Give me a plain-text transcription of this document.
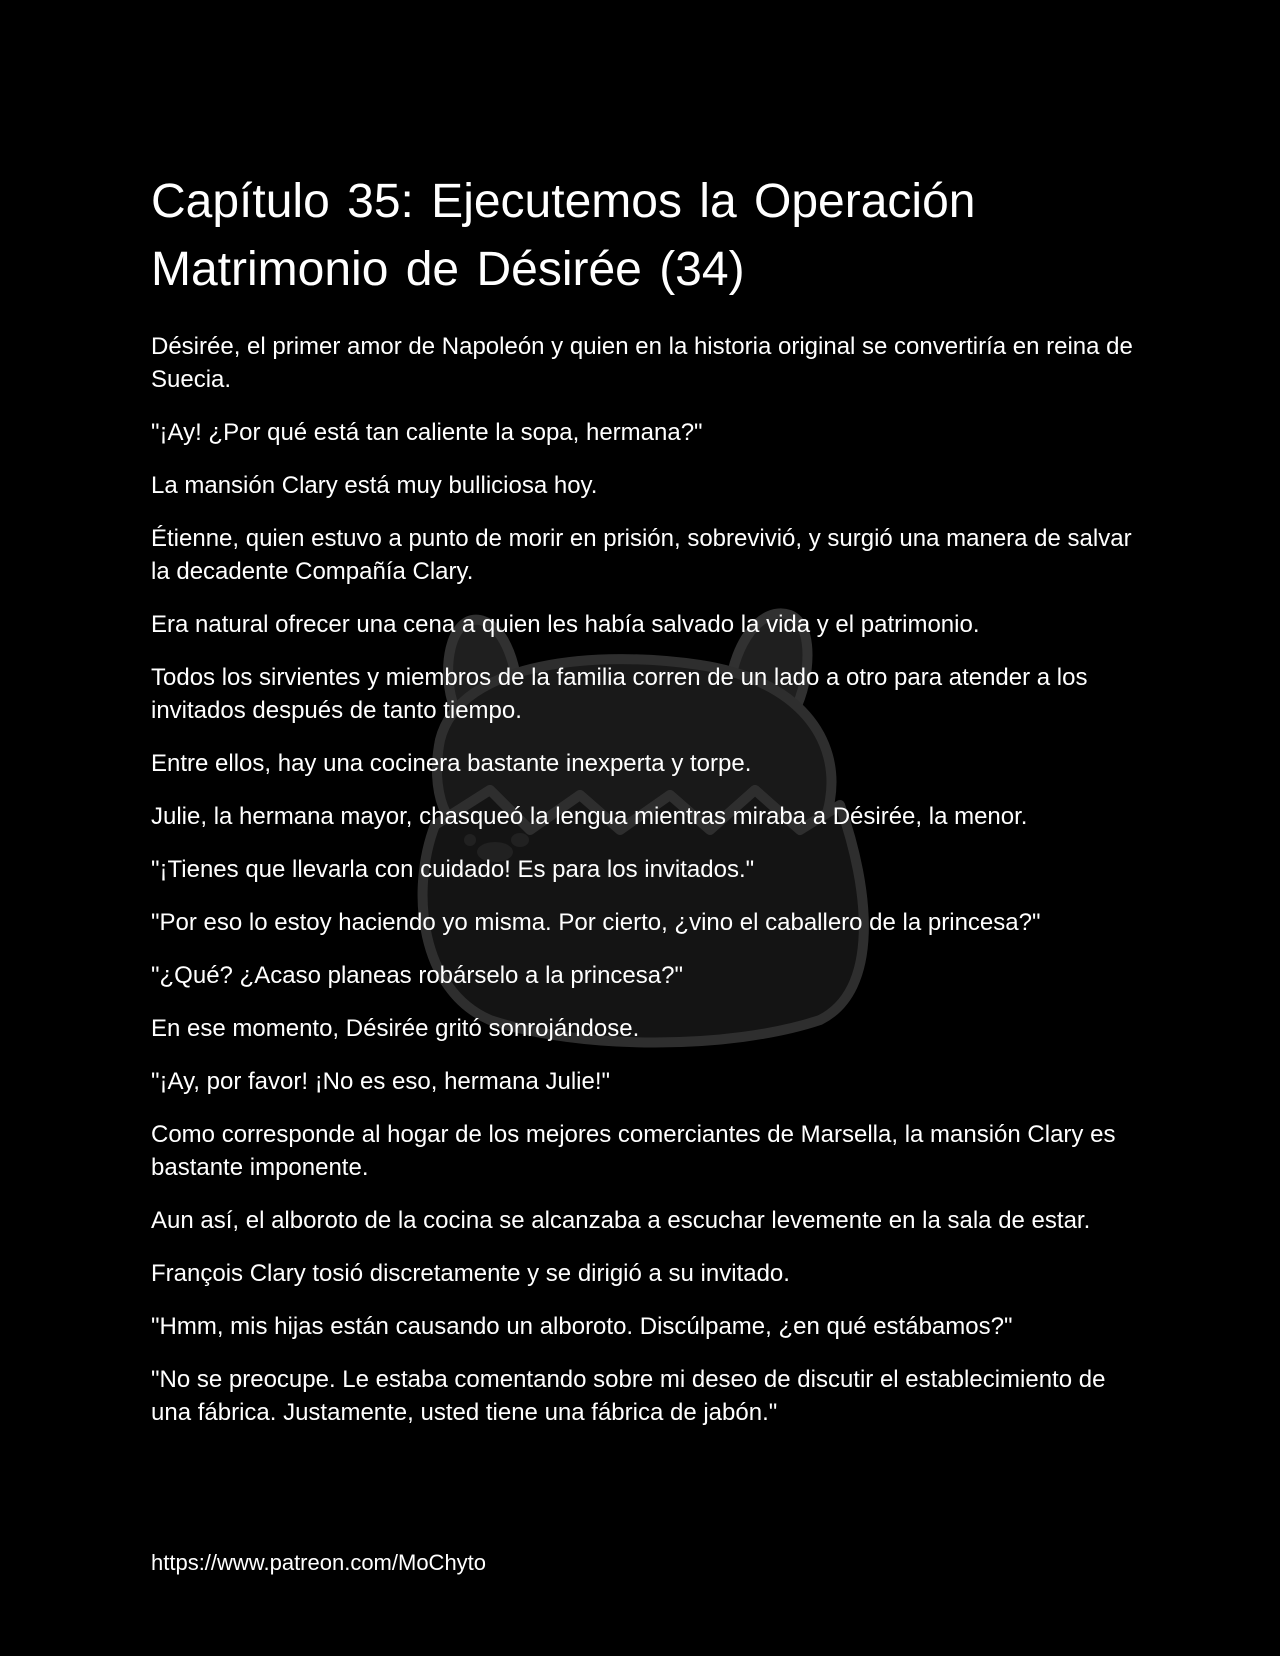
Capítulo 35: Ejecutemos la Operación
Matrimonio de Désirée (34)

Désirée, el primer amor de Napoleón y quien en la historia original se convertiría en reina de Suecia.

"¡Ay! ¿Por qué está tan caliente la sopa, hermana?"

La mansión Clary está muy bulliciosa hoy.

Étienne, quien estuvo a punto de morir en prisión, sobrevivió, y surgió una manera de salvar la decadente Compañía Clary.

Era natural ofrecer una cena a quien les había salvado la vida y el patrimonio.

Todos los sirvientes y miembros de la familia corren de un lado a otro para atender a los invitados después de tanto tiempo.

Entre ellos, hay una cocinera bastante inexperta y torpe.

Julie, la hermana mayor, chasqueó la lengua mientras miraba a Désirée, la menor.

"¡Tienes que llevarla con cuidado! Es para los invitados."

"Por eso lo estoy haciendo yo misma. Por cierto, ¿vino el caballero de la princesa?"

"¿Qué? ¿Acaso planeas robárselo a la princesa?"

En ese momento, Désirée gritó sonrojándose.

"¡Ay, por favor! ¡No es eso, hermana Julie!"

Como corresponde al hogar de los mejores comerciantes de Marsella, la mansión Clary es bastante imponente.

Aun así, el alboroto de la cocina se alcanzaba a escuchar levemente en la sala de estar.

François Clary tosió discretamente y se dirigió a su invitado.

"Hmm, mis hijas están causando un alboroto. Discúlpame, ¿en qué estábamos?"

"No se preocupe. Le estaba comentando sobre mi deseo de discutir el establecimiento de una fábrica. Justamente, usted tiene una fábrica de jabón."

https://www.patreon.com/MoChyto
